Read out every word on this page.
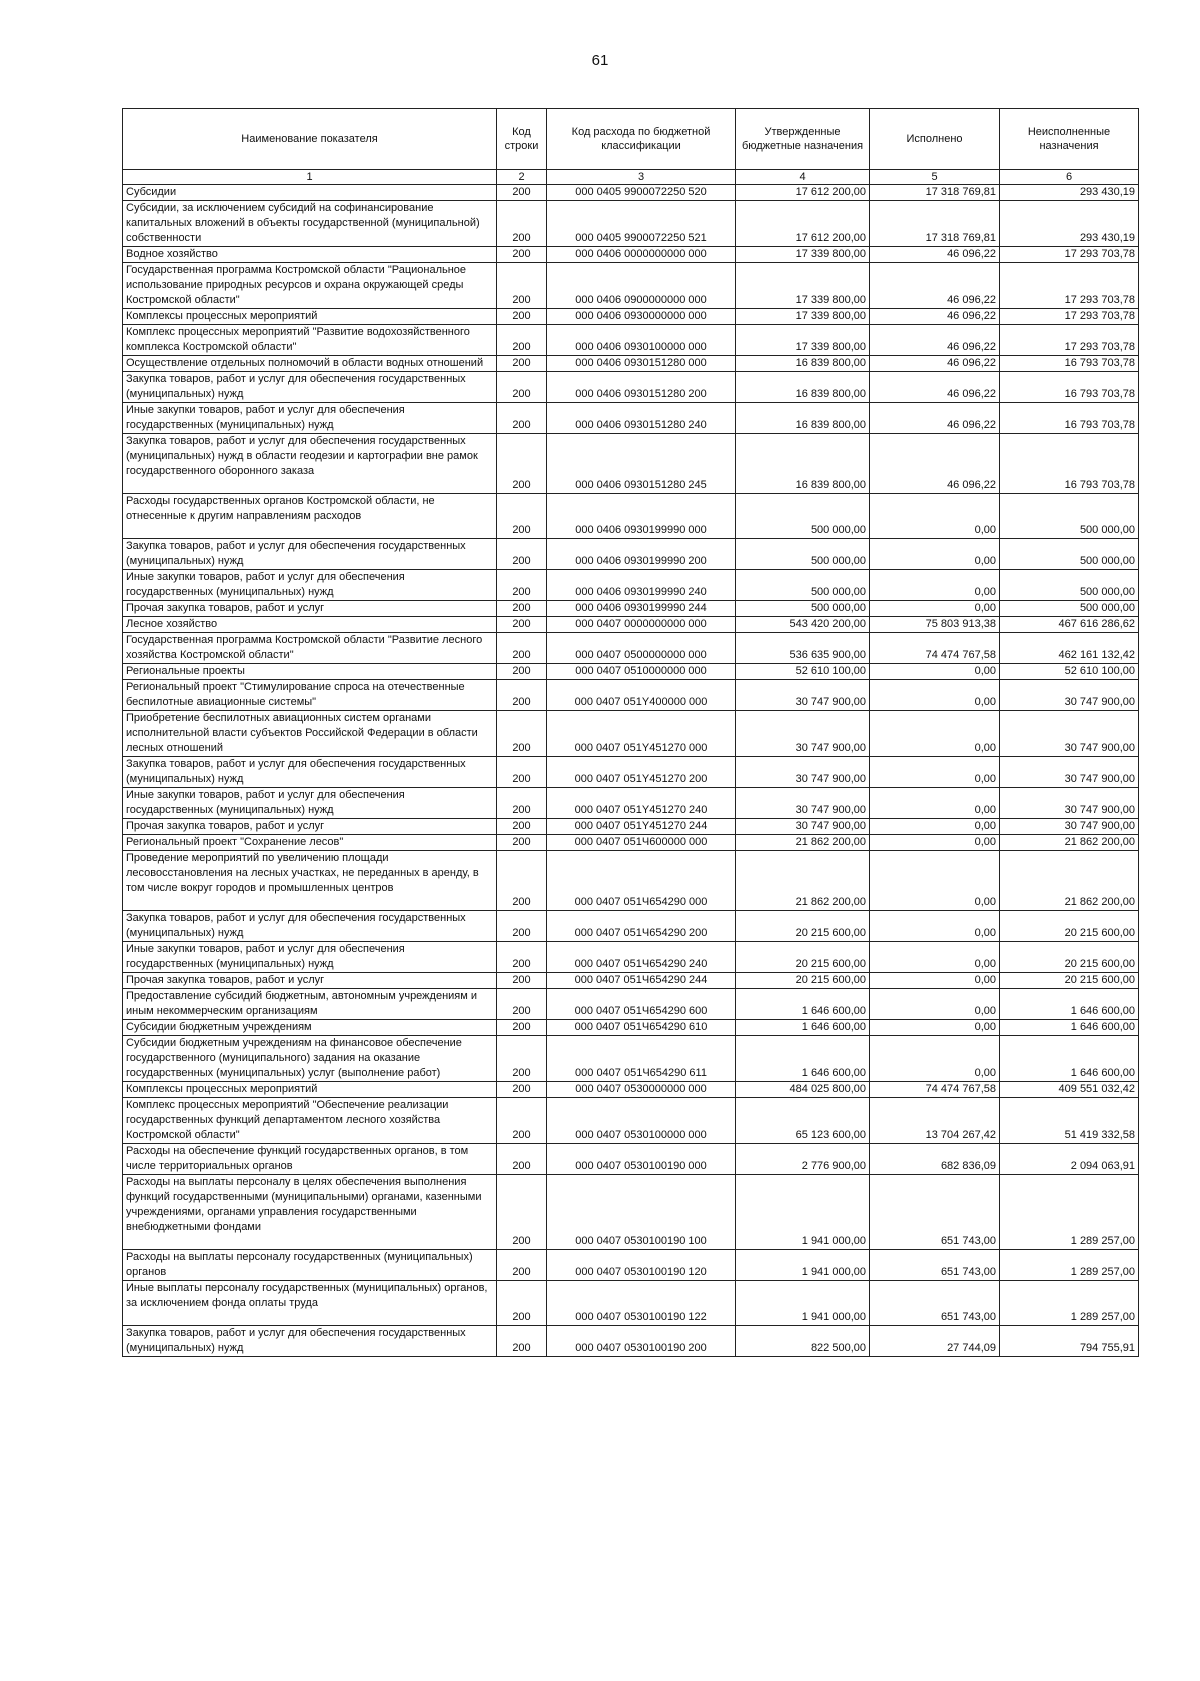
61
Наименование показателя	Код строки	Код расхода по бюджетной классификации	Утвержденные бюджетные назначения	Исполнено	Неисполненные назначения
1	2	3	4	5	6
Субсидии	200	000 0405 9900072250 520	17 612 200,00	17 318 769,81	293 430,19
Субсидии, за исключением субсидий на софинансирование капитальных вложений в объекты государственной (муниципальной) собственности	200	000 0405 9900072250 521	17 612 200,00	17 318 769,81	293 430,19
Водное хозяйство	200	000 0406 0000000000 000	17 339 800,00	46 096,22	17 293 703,78
Государственная программа Костромской области "Рациональное использование природных ресурсов и охрана окружающей среды Костромской области"	200	000 0406 0900000000 000	17 339 800,00	46 096,22	17 293 703,78
Комплексы процессных мероприятий	200	000 0406 0930000000 000	17 339 800,00	46 096,22	17 293 703,78
Комплекс процессных мероприятий "Развитие водохозяйственного комплекса Костромской области"	200	000 0406 0930100000 000	17 339 800,00	46 096,22	17 293 703,78
Осуществление отдельных полномочий в области водных отношений	200	000 0406 0930151280 000	16 839 800,00	46 096,22	16 793 703,78
Закупка товаров, работ и услуг для обеспечения государственных (муниципальных) нужд	200	000 0406 0930151280 200	16 839 800,00	46 096,22	16 793 703,78
Иные закупки товаров, работ и услуг для обеспечения государственных (муниципальных) нужд	200	000 0406 0930151280 240	16 839 800,00	46 096,22	16 793 703,78
Закупка товаров, работ и услуг для обеспечения государственных (муниципальных) нужд в области геодезии и картографии вне рамок государственного оборонного заказа	200	000 0406 0930151280 245	16 839 800,00	46 096,22	16 793 703,78
Расходы государственных органов Костромской области, не отнесенные к другим направлениям расходов	200	000 0406 0930199990 000	500 000,00	0,00	500 000,00
Закупка товаров, работ и услуг для обеспечения государственных (муниципальных) нужд	200	000 0406 0930199990 200	500 000,00	0,00	500 000,00
Иные закупки товаров, работ и услуг для обеспечения государственных (муниципальных) нужд	200	000 0406 0930199990 240	500 000,00	0,00	500 000,00
Прочая закупка товаров, работ и услуг	200	000 0406 0930199990 244	500 000,00	0,00	500 000,00
Лесное хозяйство	200	000 0407 0000000000 000	543 420 200,00	75 803 913,38	467 616 286,62
Государственная программа Костромской области "Развитие лесного хозяйства Костромской области"	200	000 0407 0500000000 000	536 635 900,00	74 474 767,58	462 161 132,42
Региональные проекты	200	000 0407 0510000000 000	52 610 100,00	0,00	52 610 100,00
Региональный проект "Стимулирование спроса на отечественные беспилотные авиационные системы"	200	000 0407 051Y400000 000	30 747 900,00	0,00	30 747 900,00
Приобретение беспилотных авиационных систем органами исполнительной власти субъектов Российской Федерации в области лесных отношений	200	000 0407 051Y451270 000	30 747 900,00	0,00	30 747 900,00
Закупка товаров, работ и услуг для обеспечения государственных (муниципальных) нужд	200	000 0407 051Y451270 200	30 747 900,00	0,00	30 747 900,00
Иные закупки товаров, работ и услуг для обеспечения государственных (муниципальных) нужд	200	000 0407 051Y451270 240	30 747 900,00	0,00	30 747 900,00
Прочая закупка товаров, работ и услуг	200	000 0407 051Y451270 244	30 747 900,00	0,00	30 747 900,00
Региональный проект "Сохранение лесов"	200	000 0407 051Ч600000 000	21 862 200,00	0,00	21 862 200,00
Проведение мероприятий по увеличению площади лесовосстановления на лесных участках, не переданных в аренду, в том числе вокруг городов и промышленных центров	200	000 0407 051Ч654290 000	21 862 200,00	0,00	21 862 200,00
Закупка товаров, работ и услуг для обеспечения государственных (муниципальных) нужд	200	000 0407 051Ч654290 200	20 215 600,00	0,00	20 215 600,00
Иные закупки товаров, работ и услуг для обеспечения государственных (муниципальных) нужд	200	000 0407 051Ч654290 240	20 215 600,00	0,00	20 215 600,00
Прочая закупка товаров, работ и услуг	200	000 0407 051Ч654290 244	20 215 600,00	0,00	20 215 600,00
Предоставление субсидий бюджетным, автономным учреждениям и иным некоммерческим организациям	200	000 0407 051Ч654290 600	1 646 600,00	0,00	1 646 600,00
Субсидии бюджетным учреждениям	200	000 0407 051Ч654290 610	1 646 600,00	0,00	1 646 600,00
Субсидии бюджетным учреждениям на финансовое обеспечение государственного (муниципального) задания на оказание государственных (муниципальных) услуг (выполнение работ)	200	000 0407 051Ч654290 611	1 646 600,00	0,00	1 646 600,00
Комплексы процессных мероприятий	200	000 0407 0530000000 000	484 025 800,00	74 474 767,58	409 551 032,42
Комплекс процессных мероприятий "Обеспечение реализации государственных функций департаментом лесного хозяйства Костромской области"	200	000 0407 0530100000 000	65 123 600,00	13 704 267,42	51 419 332,58
Расходы на обеспечение функций государственных органов, в том числе территориальных органов	200	000 0407 0530100190 000	2 776 900,00	682 836,09	2 094 063,91
Расходы на выплаты персоналу в целях обеспечения выполнения функций государственными (муниципальными) органами, казенными учреждениями, органами управления государственными внебюджетными фондами	200	000 0407 0530100190 100	1 941 000,00	651 743,00	1 289 257,00
Расходы на выплаты персоналу государственных (муниципальных) органов	200	000 0407 0530100190 120	1 941 000,00	651 743,00	1 289 257,00
Иные выплаты персоналу государственных (муниципальных) органов, за исключением фонда оплаты труда	200	000 0407 0530100190 122	1 941 000,00	651 743,00	1 289 257,00
Закупка товаров, работ и услуг для обеспечения государственных (муниципальных) нужд	200	000 0407 0530100190 200	822 500,00	27 744,09	794 755,91
